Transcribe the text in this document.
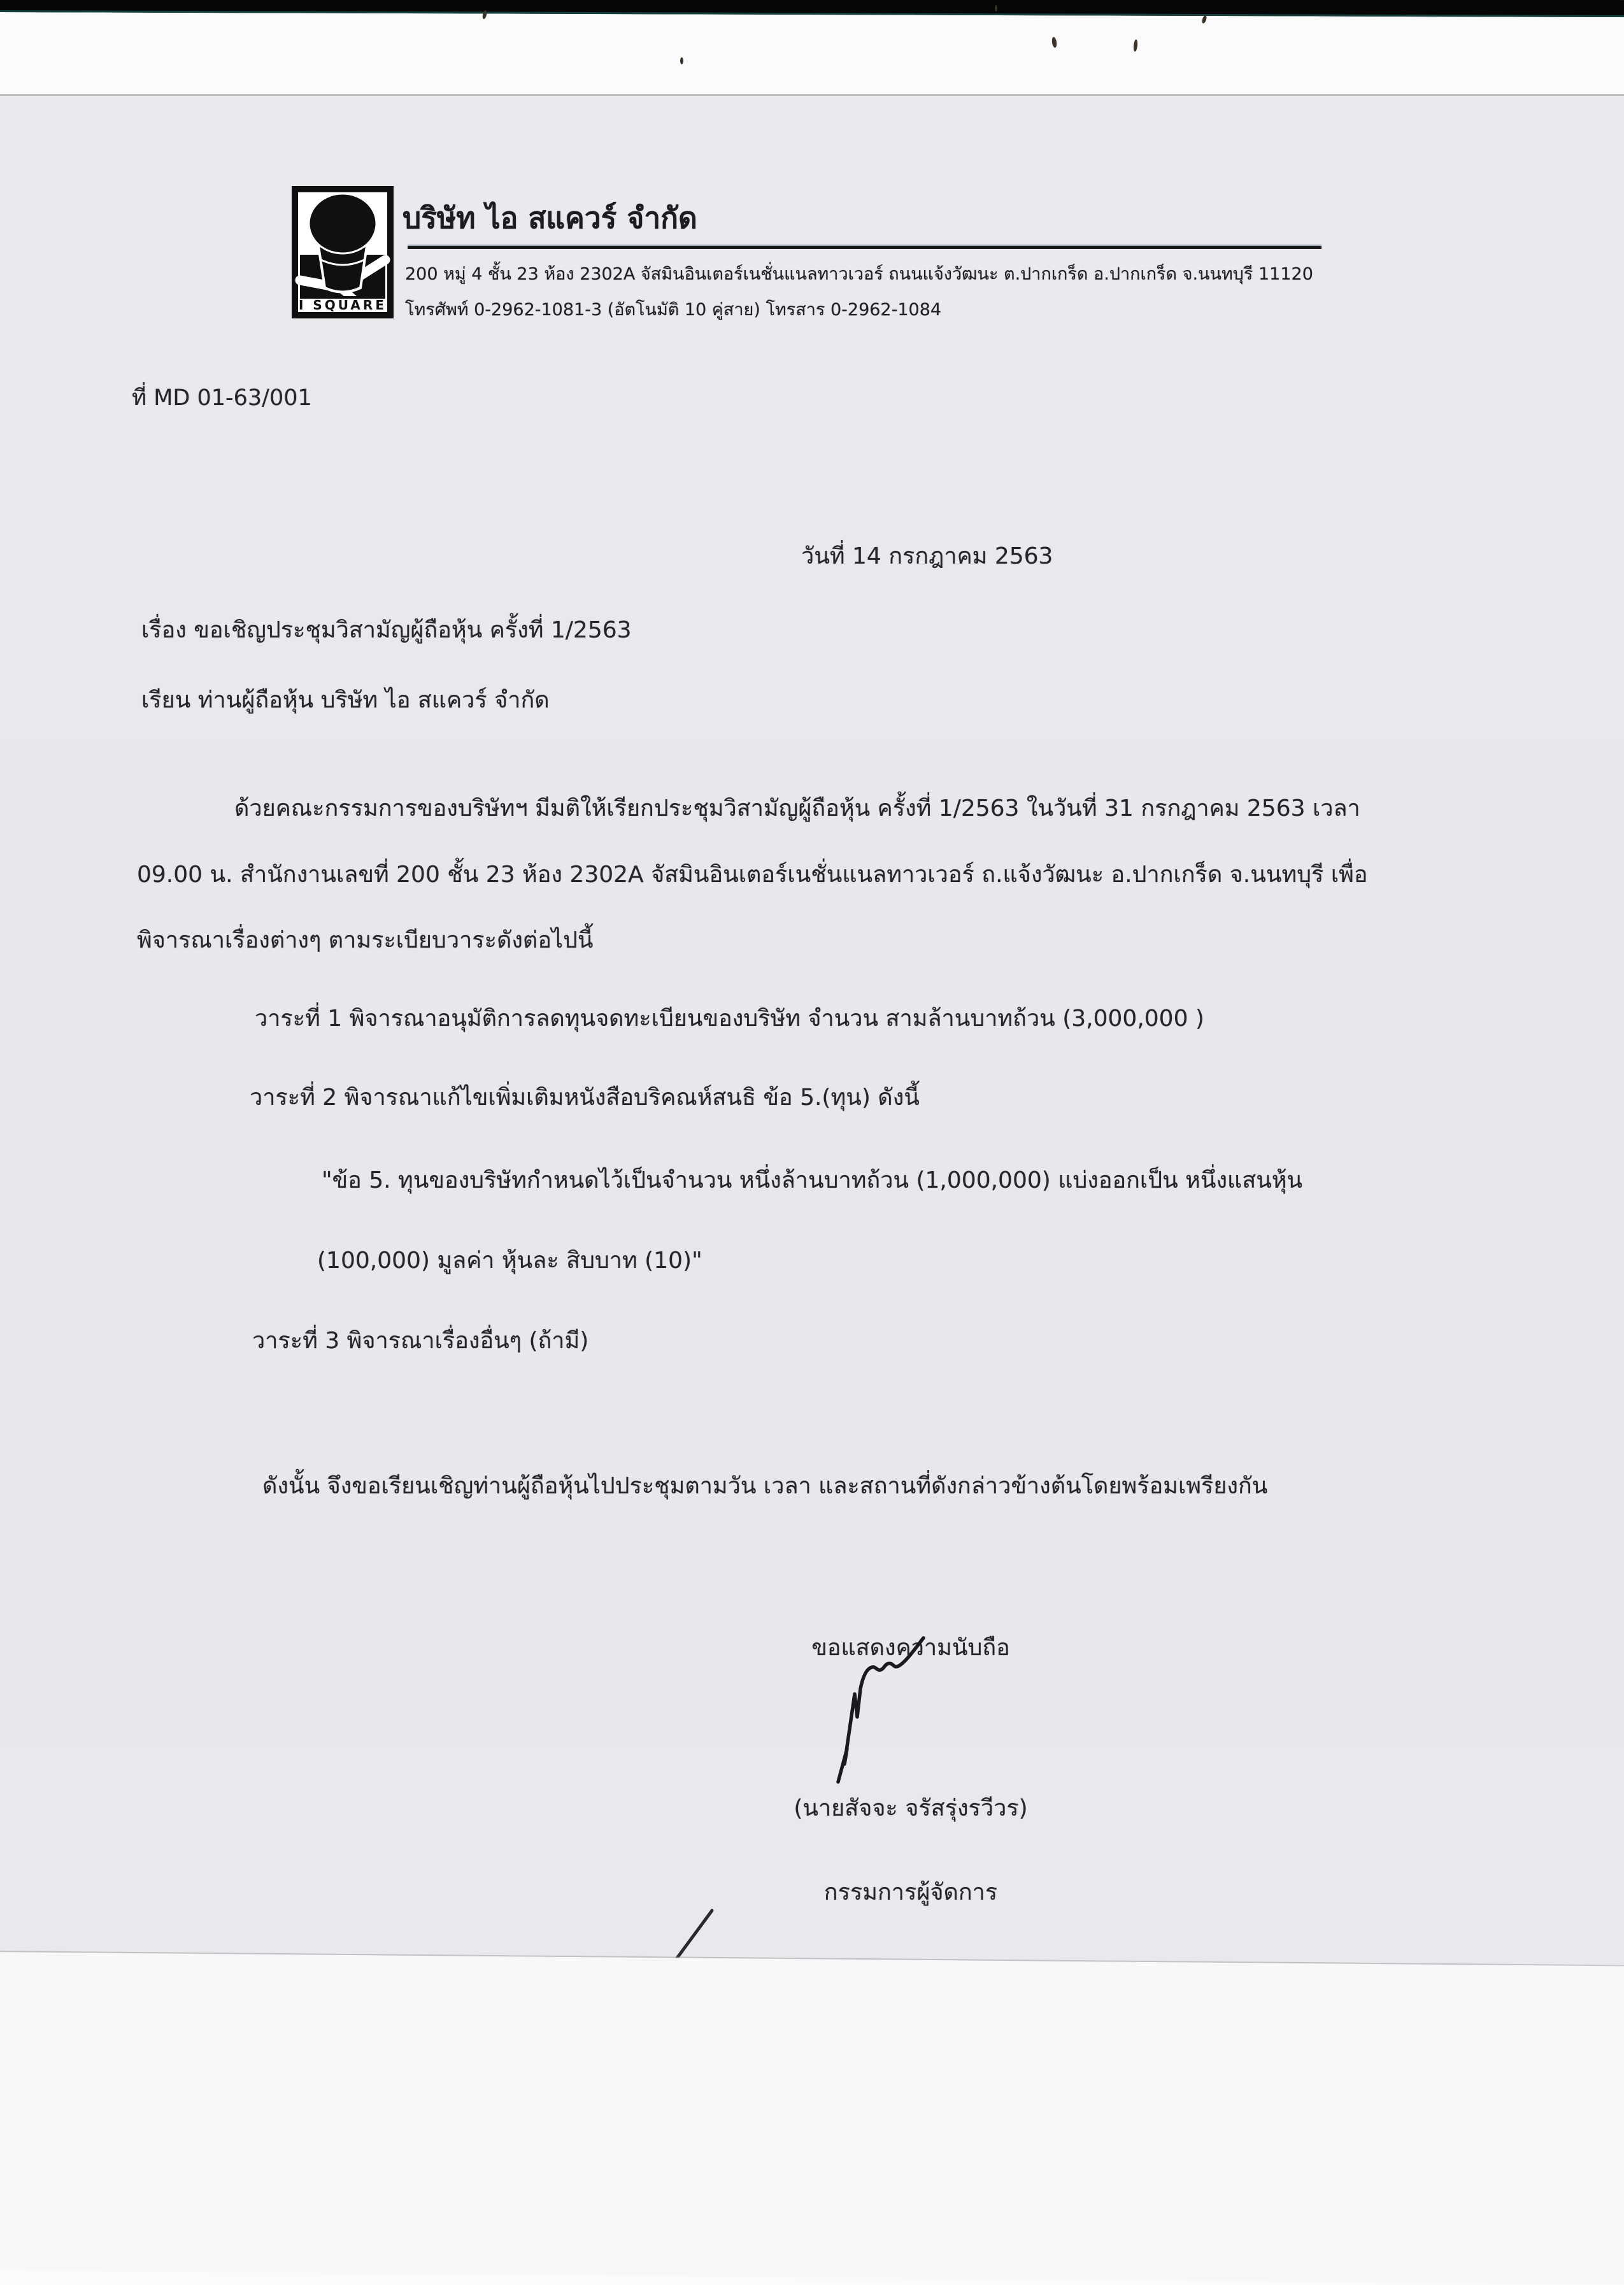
I SQUARE
บริษัท ไอ สแควร์ จำกัด
200 หมู่ 4 ชั้น 23 ห้อง 2302A จัสมินอินเตอร์เนชั่นแนลทาวเวอร์ ถนนแจ้งวัฒนะ ต.ปากเกร็ด อ.ปากเกร็ด จ.นนทบุรี 11120
โทรศัพท์ 0-2962-1081-3 (อัตโนมัติ 10 คู่สาย) โทรสาร 0-2962-1084
ที่ MD 01-63/001
วันที่ 14 กรกฎาคม 2563
เรื่อง ขอเชิญประชุมวิสามัญผู้ถือหุ้น ครั้งที่ 1/2563
เรียน ท่านผู้ถือหุ้น บริษัท ไอ สแควร์ จำกัด
ด้วยคณะกรรมการของบริษัทฯ มีมติให้เรียกประชุมวิสามัญผู้ถือหุ้น ครั้งที่ 1/2563 ในวันที่ 31 กรกฎาคม 2563 เวลา
09.00 น. สำนักงานเลขที่ 200 ชั้น 23 ห้อง 2302A จัสมินอินเตอร์เนชั่นแนลทาวเวอร์ ถ.แจ้งวัฒนะ อ.ปากเกร็ด จ.นนทบุรี เพื่อ
พิจารณาเรื่องต่างๆ ตามระเบียบวาระดังต่อไปนี้
วาระที่ 1 พิจารณาอนุมัติการลดทุนจดทะเบียนของบริษัท จำนวน สามล้านบาทถ้วน (3,000,000 )
วาระที่ 2 พิจารณาแก้ไขเพิ่มเติมหนังสือบริคณห์สนธิ ข้อ 5.(ทุน) ดังนี้
"ข้อ 5. ทุนของบริษัทกำหนดไว้เป็นจำนวน หนึ่งล้านบาทถ้วน (1,000,000) แบ่งออกเป็น หนึ่งแสนหุ้น
(100,000) มูลค่า หุ้นละ สิบบาท (10)"
วาระที่ 3 พิจารณาเรื่องอื่นๆ (ถ้ามี)
ดังนั้น จึงขอเรียนเชิญท่านผู้ถือหุ้นไปประชุมตามวัน เวลา และสถานที่ดังกล่าวข้างต้นโดยพร้อมเพรียงกัน
ขอแสดงความนับถือ
(นายสัจจะ จรัสรุ่งรวีวร)
กรรมการผู้จัดการ
